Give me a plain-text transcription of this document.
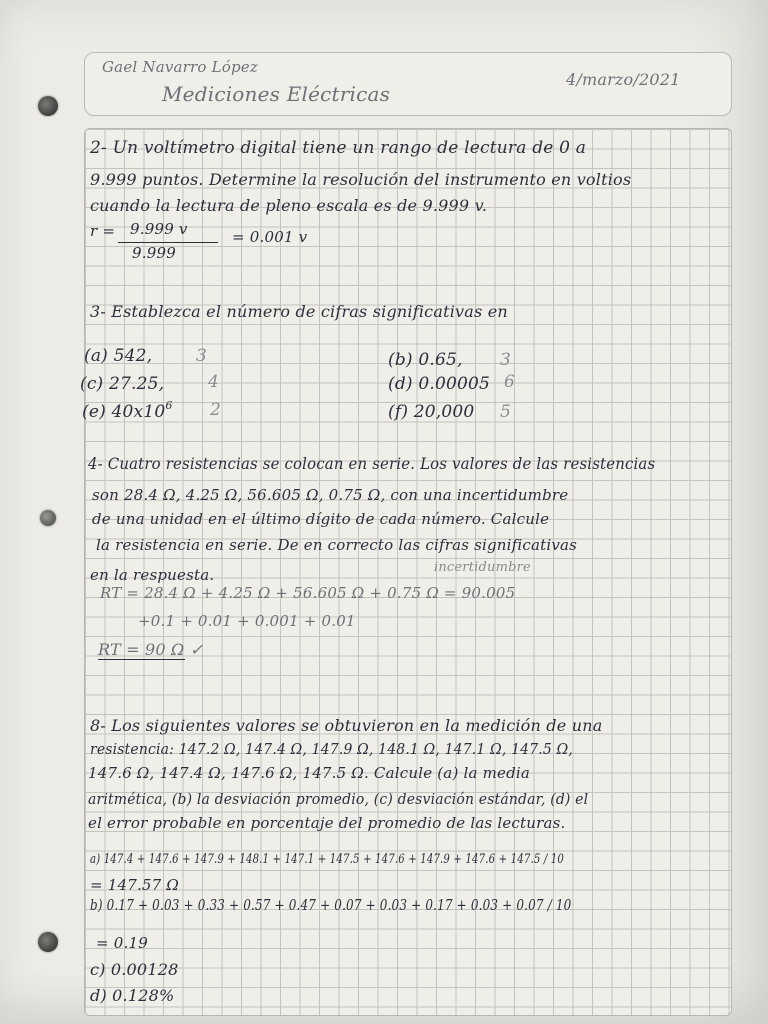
Gael Navarro López
4/marzo/2021
Mediciones Eléctricas
2- Un voltímetro digital tiene un rango de lectura de 0 a
9.999 puntos. Determine la resolución del instrumento en voltios
cuando la lectura de pleno escala es de 9.999 v.
r = 9.999 v
9.999
= 0.001 v
3- Establezca el número de cifras significativas en
(a) 542,	3	(b) 0.65, 3
(c) 27.25,	4	(d) 0.00005 6
(e) $40x10^6$ 2	(f) 20,000 5
4- Cuatro resistencias se colocan en serie. Los valores de las resistencias
son 28.4 Ω, 4.25 Ω, 56.605 Ω, 0.75 Ω, con una incertidumbre
de una unidad en el último dígito de cada número. Calcule
la resistencia en serie. De en correcto las cifras significativas
en la respuesta.	incertidumbre
RT = 28.4 Ω + 4.25 Ω + 56.605 Ω + 0.75 Ω = 90.005
+0.1 + 0.01 + 0.001 + 0.01
RT = 90 Ω ✓
8- Los siguientes valores se obtuvieron en la medición de una
resistencia: 147.2 Ω, 147.4 Ω, 147.9 Ω, 148.1 Ω, 147.1 Ω, 147.5 Ω,
147.6 Ω, 147.4 Ω, 147.6 Ω, 147.5 Ω. Calcule (a) la media
aritmética, (b) la desviación promedio, (c) desviación estándar, (d) el
el error probable en porcentaje del promedio de las lecturas.
a) 147.4 + 147.6 + 147.9 + 148.1 + 147.1 + 147.5 + 147.6 + 147.9 + 147.6 + 147.5 / 10
= 147.57 Ω
b) 0.17 + 0.03 + 0.33 + 0.57 + 0.47 + 0.07 + 0.03 + 0.17 + 0.03 + 0.07 / 10
= 0.19
c) 0.00128
d) 0.128%
